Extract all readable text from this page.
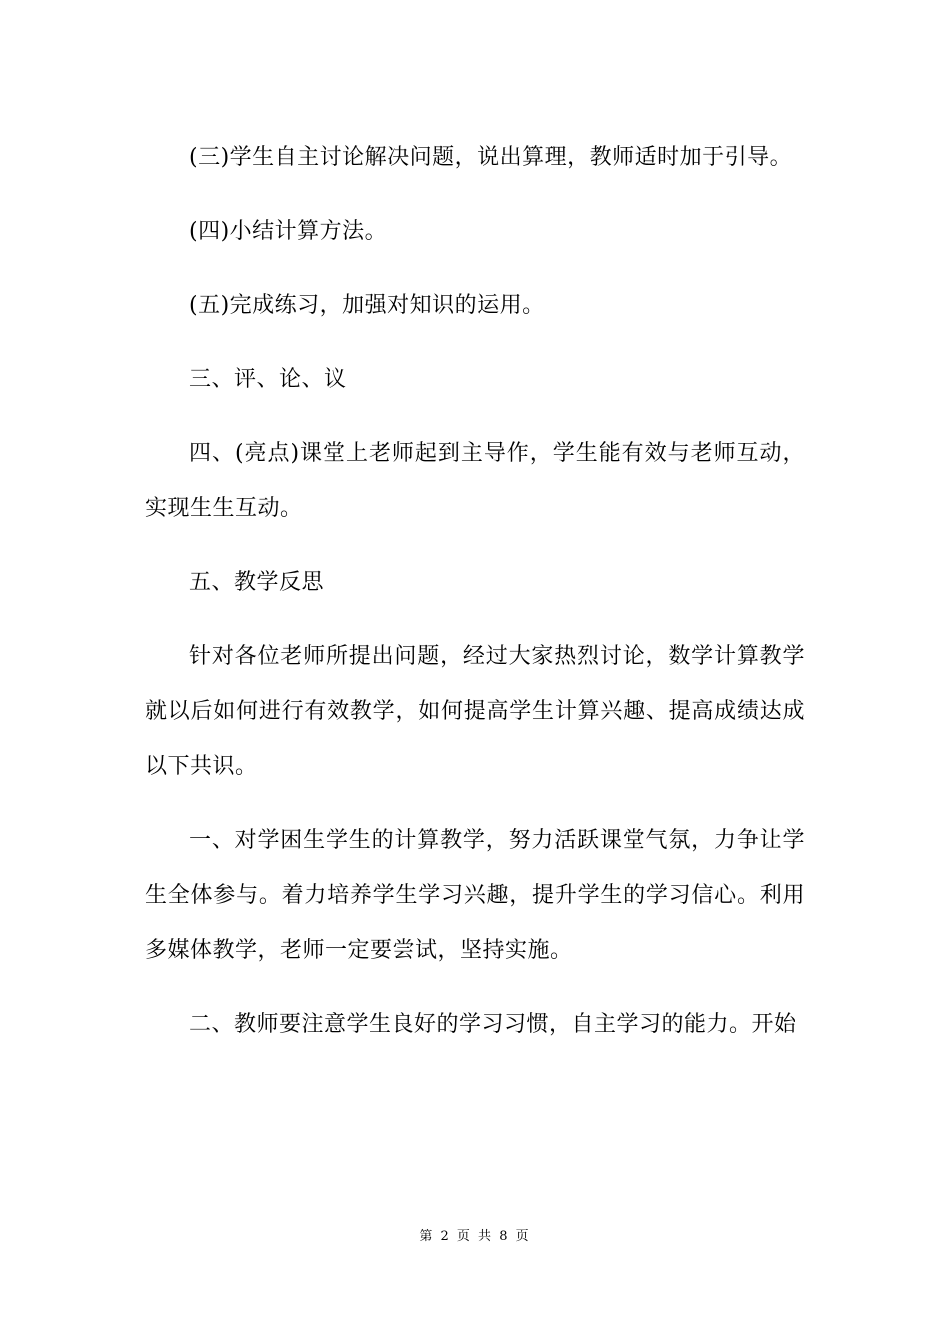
(三)学生自主讨论解决问题，说出算理，教师适时加于引导。

(四)小结计算方法。

(五)完成练习，加强对知识的运用。

三、评、论、议

四、(亮点)课堂上老师起到主导作，学生能有效与老师互动，实现生生互动。

五、教学反思

针对各位老师所提出问题，经过大家热烈讨论，数学计算教学就以后如何进行有效教学，如何提高学生计算兴趣、提高成绩达成以下共识。

一、对学困生学生的计算教学，努力活跃课堂气氛，力争让学生全体参与。着力培养学生学习兴趣，提升学生的学习信心。利用多媒体教学，老师一定要尝试，坚持实施。

二、教师要注意学生良好的学习习惯，自主学习的能力。开始

第 2 页 共 8 页
